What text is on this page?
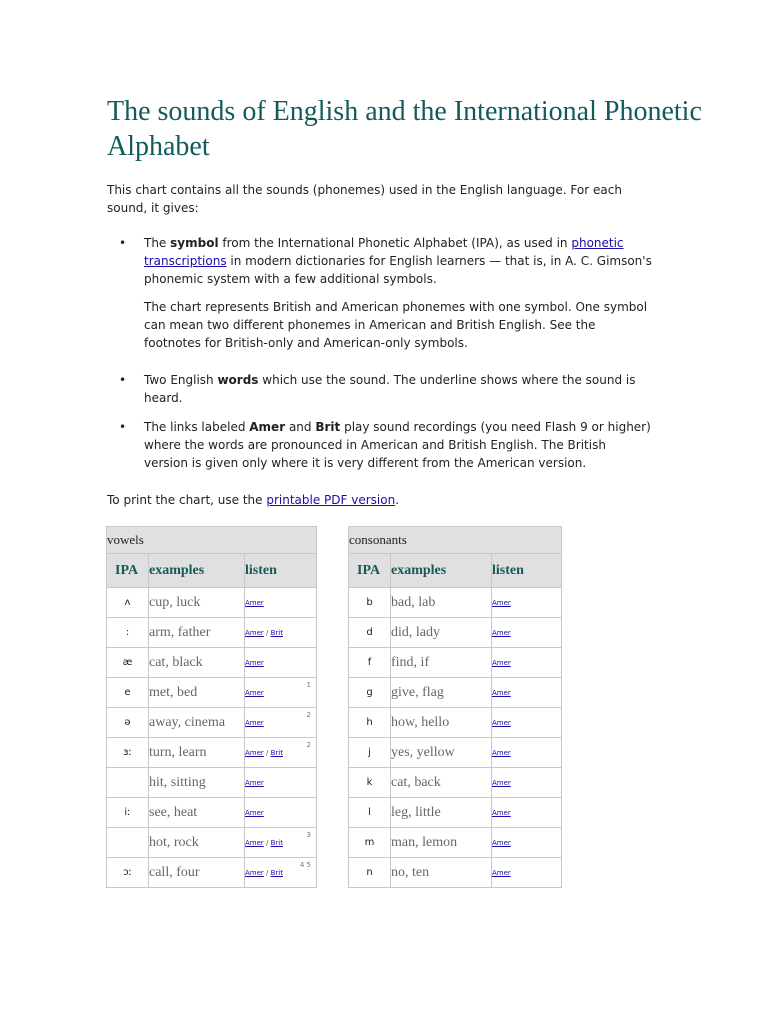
The sounds of English and the International Phonetic Alphabet

This chart contains all the sounds (phonemes) used in the English language. For each sound, it gives:

• The symbol from the International Phonetic Alphabet (IPA), as used in phonetic transcriptions in modern dictionaries for English learners — that is, in A. C. Gimson's phonemic system with a few additional symbols.

The chart represents British and American phonemes with one symbol. One symbol can mean two different phonemes in American and British English. See the footnotes for British-only and American-only symbols.

• Two English words which use the sound. The underline shows where the sound is heard.

• The links labeled Amer and Brit play sound recordings (you need Flash 9 or higher) where the words are pronounced in American and British English. The British version is given only where it is very different from the American version.

To print the chart, use the printable PDF version.

vowels		
IPA	examples	listen
ʌ	cup, luck	Amer
:	arm, father	Amer / Brit
æ	cat, black	Amer
e	met, bed	Amer
1

ə	away, cinema	Amer
2

ɜː	turn, learn	Amer / Brit
2

	hit, sitting	Amer
iː	see, heat	Amer
	hot, rock	Amer / Brit
3

ɔː	call, four	Amer / Brit
4 5
consonants		
IPA	examples	listen
b	bad, lab	Amer
d	did, lady	Amer
f	find, if	Amer
g	give, flag	Amer
h	how, hello	Amer
j	yes, yellow	Amer
k	cat, back	Amer
l	leg, little	Amer
m	man, lemon	Amer
n	no, ten	Amer
